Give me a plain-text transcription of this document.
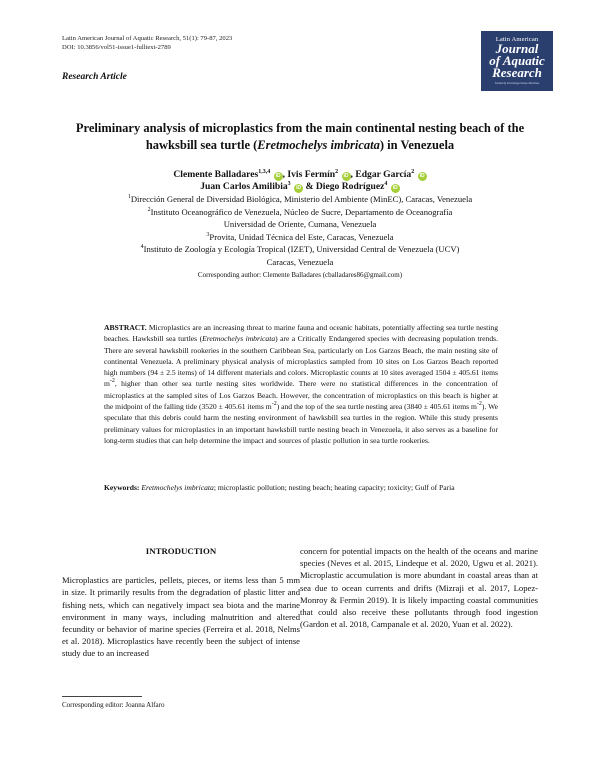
Latin American Journal of Aquatic Research, 51(1): 79-87, 2023
DOI: 10.3856/vol51-issue1-fulltext-2789
Latin American
Journal
of Aquatic
Research
formerly Investigaciones Marinas
Research Article
Preliminary analysis of microplastics from the main continental nesting beach of the hawksbill sea turtle (Eretmochelys imbricata) in Venezuela
Clemente Balladares$^{1,3,4}$ iD , Ivis Fermín$^2$ iD , Edgar García$^2$ iD
Juan Carlos Amilibia$^3$ iD & Diego Rodríguez$^4$ iD
$^1$Dirección General de Diversidad Biológica, Ministerio del Ambiente (MinEC), Caracas, Venezuela
$^2$Instituto Oceanográfico de Venezuela, Núcleo de Sucre, Departamento de Oceanografía
Universidad de Oriente, Cumana, Venezuela
$^3$Provita, Unidad Técnica del Este, Caracas, Venezuela
$^4$Instituto de Zoología y Ecología Tropical (IZET), Universidad Central de Venezuela (UCV)
Caracas, Venezuela
Corresponding author: Clemente Balladares (cballadares86@gmail.com)
ABSTRACT. Microplastics are an increasing threat to marine fauna and oceanic habitats, potentially affecting sea turtle nesting beaches. Hawksbill sea turtles (Eretmochelys imbricata) are a Critically Endangered species with decreasing population trends. There are several hawksbill rookeries in the southern Caribbean Sea, particularly on Los Garzos Beach, the main nesting site of continental Venezuela. A preliminary physical analysis of microplastics sampled from 10 sites on Los Garzos Beach reported high numbers (94 ± 2.5 items) of 14 different materials and colors. Microplastic counts at 10 sites averaged 1504 ± 405.61 items $m^{-2}$, higher than other sea turtle nesting sites worldwide. There were no statistical differences in the concentration of microplastics at the sampled sites of Los Garzos Beach. However, the concentration of microplastics on this beach is higher at the midpoint of the falling tide (3520 ± 405.61 items $m^{-2}$) and the top of the sea turtle nesting area (3840 ± 405.61 items $m^{-2}$). We speculate that this debris could harm the nesting environment of hawksbill sea turtles in the region. While this study presents preliminary values for microplastics in an important hawksbill turtle nesting beach in Venezuela, it also serves as a baseline for long-term studies that can help determine the impact and sources of plastic pollution in sea turtle rookeries.
Keywords: Eretmochelys imbricata; microplastic pollution; nesting beach; heating capacity; toxicity; Gulf of Paria
INTRODUCTION
Microplastics are particles, pellets, pieces, or items less than 5 mm in size. It primarily results from the degradation of plastic litter and fishing nets, which can negatively impact sea biota and the marine environment in many ways, including malnutrition and altered fecundity or behavior of marine species (Ferreira et al. 2018, Nelms et al. 2018). Microplastics have recently been the subject of intense study due to an increased
concern for potential impacts on the health of the oceans and marine species (Neves et al. 2015, Lindeque et al. 2020, Ugwu et al. 2021). Microplastic accumulation is more abundant in coastal areas than at sea due to ocean currents and drifts (Mizraji et al. 2017, Lopez-Monroy & Fermin 2019). It is likely impacting coastal communities that could also receive these pollutants through food ingestion (Gardon et al. 2018, Campanale et al. 2020, Yuan et al. 2022).
Corresponding editor: Joanna Alfaro
